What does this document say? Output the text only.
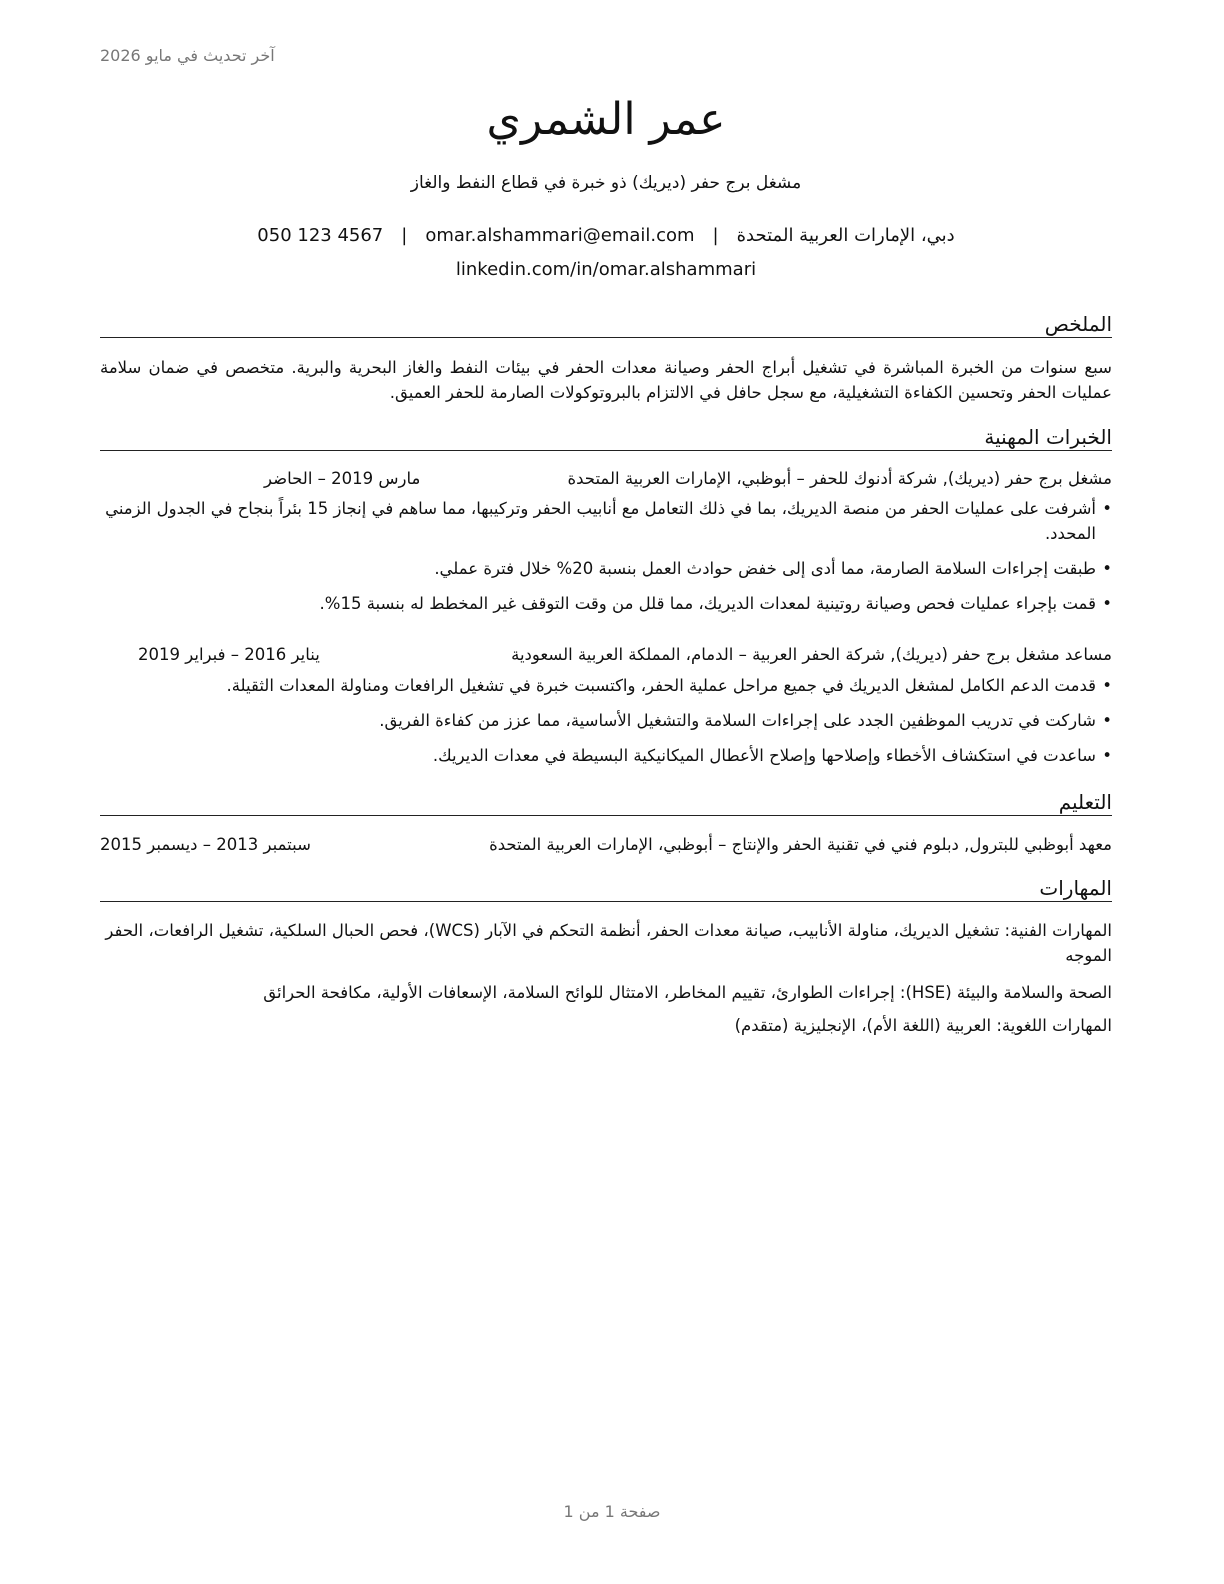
آخر تحديث في مايو 2026
عمر الشمري
مشغل برج حفر (ديريك) ذو خبرة في قطاع النفط والغاز
دبي، الإمارات العربية المتحدة|omar.alshammari@email.com|050 123 4567
linkedin.com/in/omar.alshammari
الملخص
سبع سنوات من الخبرة المباشرة في تشغيل أبراج الحفر وصيانة معدات الحفر في بيئات النفط والغاز البحرية والبرية. متخصص في ضمان سلامة عمليات الحفر وتحسين الكفاءة التشغيلية، مع سجل حافل في الالتزام بالبروتوكولات الصارمة للحفر العميق.
الخبرات المهنية
مشغل برج حفر (ديريك), شركة أدنوك للحفر – أبوظبي، الإمارات العربية المتحدة
مارس 2019 – الحاضر
• أشرفت على عمليات الحفر من منصة الديريك، بما في ذلك التعامل مع أنابيب الحفر وتركيبها، مما ساهم في إنجاز 15 بئراً بنجاح في الجدول الزمني المحدد.
• طبقت إجراءات السلامة الصارمة، مما أدى إلى خفض حوادث العمل بنسبة 20% خلال فترة عملي.
• قمت بإجراء عمليات فحص وصيانة روتينية لمعدات الديريك، مما قلل من وقت التوقف غير المخطط له بنسبة 15%.
مساعد مشغل برج حفر (ديريك), شركة الحفر العربية – الدمام، المملكة العربية السعودية
يناير 2016 – فبراير 2019
• قدمت الدعم الكامل لمشغل الديريك في جميع مراحل عملية الحفر، واكتسبت خبرة في تشغيل الرافعات ومناولة المعدات الثقيلة.
• شاركت في تدريب الموظفين الجدد على إجراءات السلامة والتشغيل الأساسية، مما عزز من كفاءة الفريق.
• ساعدت في استكشاف الأخطاء وإصلاحها وإصلاح الأعطال الميكانيكية البسيطة في معدات الديريك.
التعليم
معهد أبوظبي للبترول, دبلوم فني في تقنية الحفر والإنتاج – أبوظبي، الإمارات العربية المتحدة
سبتمبر 2013 – ديسمبر 2015
المهارات
المهارات الفنية: تشغيل الديريك، مناولة الأنابيب، صيانة معدات الحفر، أنظمة التحكم في الآبار (WCS)، فحص الحبال السلكية، تشغيل الرافعات، الحفر الموجه
الصحة والسلامة والبيئة (HSE): إجراءات الطوارئ، تقييم المخاطر، الامتثال للوائح السلامة، الإسعافات الأولية، مكافحة الحرائق
المهارات اللغوية: العربية (اللغة الأم)، الإنجليزية (متقدم)
صفحة 1 من 1
